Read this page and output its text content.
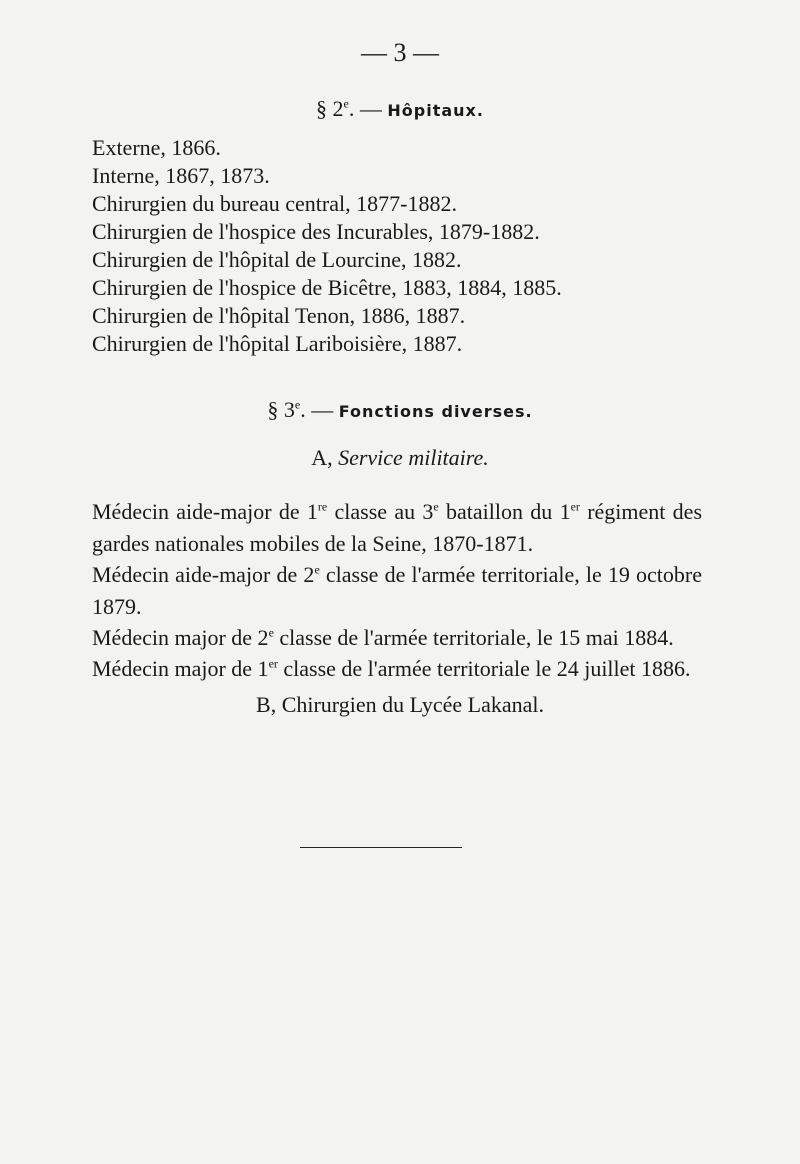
— 3 —
§ 2e. — Hôpitaux.
Externe, 1866.
Interne, 1867, 1873.
Chirurgien du bureau central, 1877-1882.
Chirurgien de l'hospice des Incurables, 1879-1882.
Chirurgien de l'hôpital de Lourcine, 1882.
Chirurgien de l'hospice de Bicêtre, 1883, 1884, 1885.
Chirurgien de l'hôpital Tenon, 1886, 1887.
Chirurgien de l'hôpital Lariboisière, 1887.
§ 3e. — Fonctions diverses.
A, Service militaire.
Médecin aide-major de 1re classe au 3e bataillon du 1er régiment des gardes nationales mobiles de la Seine, 1870-1871.
Médecin aide-major de 2e classe de l'armée territoriale, le 19 octobre 1879.
Médecin major de 2e classe de l'armée territoriale, le 15 mai 1884.
Médecin major de 1er classe de l'armée territoriale le 24 juillet 1886.
B, Chirurgien du Lycée Lakanal.
